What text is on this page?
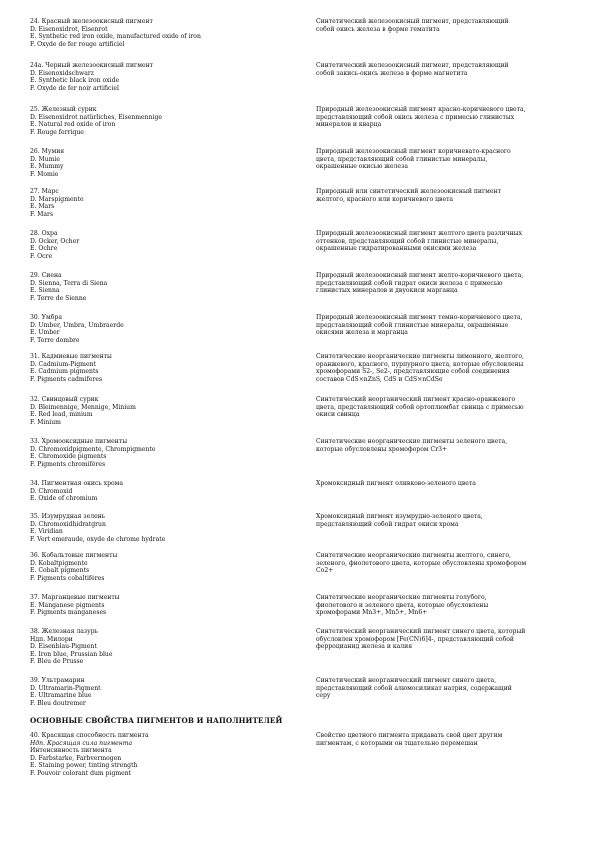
ОСНОВНЫЕ СВОЙСТВА ПИГМЕНТОВ И НАПОЛНИТЕЛЕЙ
24. Красный железоокисный пигмент
D. Eisenoxidrot, Eisenrot
E. Synthetic red iron oxide, manufactured oxide of iron
F. Oxyde de fer rouge artificiel
Синтетический железоокисный пигмент, представляющий
собой окись железа в форме гематита
24a. Черный железоокисный пигмент
D. Eisenoxidschwarz
E. Synthetic black iron oxide
F. Oxyde de fer noir artificiel
Синтетический железоокисный пигмент, представляющий
собой закись-окись железа в форме магнетита
25. Железный сурик
D. Eisenoxidrot natürliches, Eisenmennige
E. Natural red oxide of iron
F. Rouge ferrique
Природный железоокисный пигмент красно-коричневого цвета,
представляющий собой окись железа с примесью глинистых
минералов и кварца
26. Мумия
D. Mumie
E. Mummy
F. Momie
Природный железоокисный пигмент коричневато-красного
цвета, представляющий собой глинистые минералы,
окрашенные окисью железа
27. Марс
D. Marspigmente
E. Mars
F. Mars
Природный или синтетический железоокисный пигмент
желтого, красного или коричневого цвета
28. Охра
D. Ocker, Ocher
E. Ochre
F. Ocre
Природный железоокисный пигмент желтого цвета различных
оттенков, представляющий собой глинистые минералы,
окрашенные гидратированными окисями железа
29. Сиена
D. Sienna, Terra di Siena
E. Sienna
F. Terre de Sienne
Природный железоокисный пигмент желто-коричневого цвета,
представляющий собой гидрат окиси железа с примесью
глинистых минералов и двуокиси марганца
30. Умбра
D. Umber, Umbra, Umbraerde
E. Umber
F. Terre dombre
Природный железоокисный пигмент темно-коричневого цвета,
представляющий собой глинистые минералы, окрашенные
окисями железа и марганца
31. Кадмиевые пигменты
D. Cadmium-Pigment
E. Cadmium pigments
F. Pigments cadmiferes
Синтетические неорганические пигменты лимонного, желтого,
оранжевого, красного, пурпурного цвета, которые обусловлены
хромофорами S2-, Se2-, представляющие собой соединения
составов CdS×nZnS, CdS и CdS×nCdSe
32. Свинцовый сурик
D. Bleimennige, Mennige, Minium
E. Red lead, minium
F. Minium
Синтетический неорганический пигмент красно-оранжевого
цвета, представляющий собой ортоплюмбат свинца с примесью
окиси свинца
33. Хромооксидные пигменты
D. Chromoxidpigmente, Chrompigmente
E. Chromoxide pigments
F. Pigments chromifères
Синтетические неорганические пигменты зеленого цвета,
которые обусловлены хромофором Cr3+
34. Пигментная окись хрома
D. Chromoxid
E. Oxide of chromium
Хромоксидный пигмент оливково-зеленого цвета
35. Изумрудная зелень
D. Chromoxidhidratgrun
E. Viridian
F. Vert emeraude, oxyde de chrome hydrate
Хромоксидный пигмент изумрудно-зеленого цвета,
представляющий собой гидрат окиси хрома
36. Кобальтовые пигменты
D. Kobaltpigmente
E. Cobalt pigments
F. Pigments cobaltifères
Синтетические неорганические пигменты желтого, синего,
зеленого, фиолетового цвета, которые обусловлены хромофором
Co2+
37. Марганцевые пигменты
E. Manganese pigments
F. Pigments manganeses
Синтетические неорганические пигменты голубого,
фиолетового и зеленого цвета, которые обусловлены
хромофорами Mn3+, Mn5+, Mn6+
38. Железная лазурь
Ндп. Милори
D. Eisenblau-Pigment
E. Iron blue, Prussian blue
F. Bleu de Prusse
Синтетический неорганический пигмент синего цвета, который
обусловлен хромофором [Fe(CN)6]4-, представляющий собой
ферроцианид железа и калия
39. Ультрамарин
D. Ultramarin-Pigment
E. Ultramarine blue
F. Bleu doutremer
Синтетический неорганический пигмент синего цвета,
представляющий собой алюмосиликат натрия, содержащий
серу
40. Красящая способность пигмента
Ндп. Красящая сила пигмента
Интенсивность пигмента
D. Farbstarke, Farbvermogen
E. Staining power, tinting strength
F. Pouvoir colorant dum pigment
Свойство цветного пигмента придавать свой цвет другим
пигментам, с которыми он тщательно перемешан
